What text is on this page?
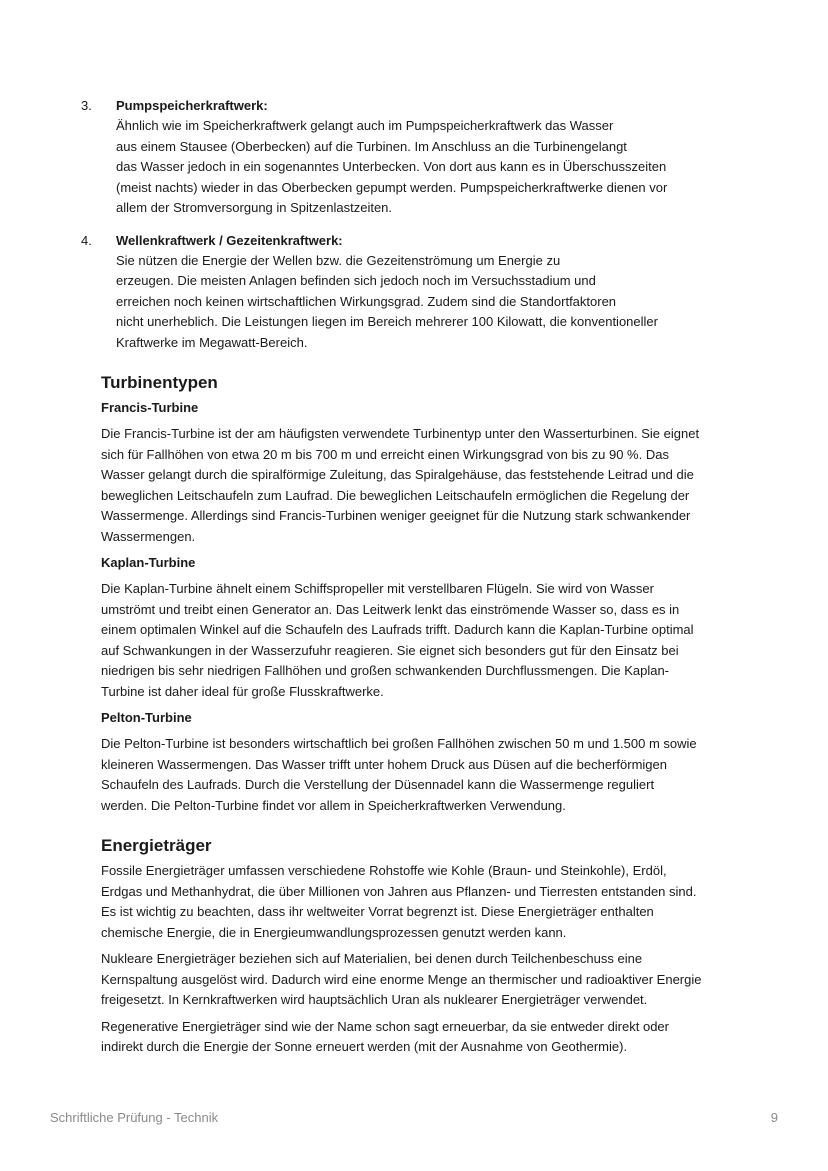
3. Pumpspeicherkraftwerk:

Ähnlich wie im Speicherkraftwerk gelangt auch im Pumpspeicherkraftwerk das Wasser
aus einem Stausee (Oberbecken) auf die Turbinen. Im Anschluss an die Turbinengelangt
das Wasser jedoch in ein sogenanntes Unterbecken. Von dort aus kann es in Überschusszeiten
(meist nachts) wieder in das Oberbecken gepumpt werden. Pumpspeicherkraftwerke dienen vor
allem der Stromversorgung in Spitzenlastzeiten.

4. Wellenkraftwerk / Gezeitenkraftwerk:

Sie nützen die Energie der Wellen bzw. die Gezeitenströmung um Energie zu
erzeugen. Die meisten Anlagen befinden sich jedoch noch im Versuchsstadium und
erreichen noch keinen wirtschaftlichen Wirkungsgrad. Zudem sind die Standortfaktoren
nicht unerheblich. Die Leistungen liegen im Bereich mehrerer 100 Kilowatt, die konventioneller
Kraftwerke im Megawatt-Bereich.

Turbinentypen
Francis-Turbine

Die Francis-Turbine ist der am häufigsten verwendete Turbinentyp unter den Wasserturbinen. Sie eignet
sich für Fallhöhen von etwa 20 m bis 700 m und erreicht einen Wirkungsgrad von bis zu 90 %. Das
Wasser gelangt durch die spiralförmige Zuleitung, das Spiralgehäuse, das feststehende Leitrad und die
beweglichen Leitschaufeln zum Laufrad. Die beweglichen Leitschaufeln ermöglichen die Regelung der
Wassermenge. Allerdings sind Francis-Turbinen weniger geeignet für die Nutzung stark schwankender
Wassermengen.

Kaplan-Turbine

Die Kaplan-Turbine ähnelt einem Schiffspropeller mit verstellbaren Flügeln. Sie wird von Wasser
umströmt und treibt einen Generator an. Das Leitwerk lenkt das einströmende Wasser so, dass es in
einem optimalen Winkel auf die Schaufeln des Laufrads trifft. Dadurch kann die Kaplan-Turbine optimal
auf Schwankungen in der Wasserzufuhr reagieren. Sie eignet sich besonders gut für den Einsatz bei
niedrigen bis sehr niedrigen Fallhöhen und großen schwankenden Durchflussmengen. Die Kaplan-
Turbine ist daher ideal für große Flusskraftwerke.

Pelton-Turbine

Die Pelton-Turbine ist besonders wirtschaftlich bei großen Fallhöhen zwischen 50 m und 1.500 m sowie
kleineren Wassermengen. Das Wasser trifft unter hohem Druck aus Düsen auf die becherförmigen
Schaufeln des Laufrads. Durch die Verstellung der Düsennadel kann die Wassermenge reguliert
werden. Die Pelton-Turbine findet vor allem in Speicherkraftwerken Verwendung.

Energieträger

Fossile Energieträger umfassen verschiedene Rohstoffe wie Kohle (Braun- und Steinkohle), Erdöl,
Erdgas und Methanhydrat, die über Millionen von Jahren aus Pflanzen- und Tierresten entstanden sind.
Es ist wichtig zu beachten, dass ihr weltweiter Vorrat begrenzt ist. Diese Energieträger enthalten
chemische Energie, die in Energieumwandlungsprozessen genutzt werden kann.

Nukleare Energieträger beziehen sich auf Materialien, bei denen durch Teilchenbeschuss eine
Kernspaltung ausgelöst wird. Dadurch wird eine enorme Menge an thermischer und radioaktiver Energie
freigesetzt. In Kernkraftwerken wird hauptsächlich Uran als nuklearer Energieträger verwendet.

Regenerative Energieträger sind wie der Name schon sagt erneuerbar, da sie entweder direkt oder
indirekt durch die Energie der Sonne erneuert werden (mit der Ausnahme von Geothermie).

Schriftliche Prüfung - Technik	9
